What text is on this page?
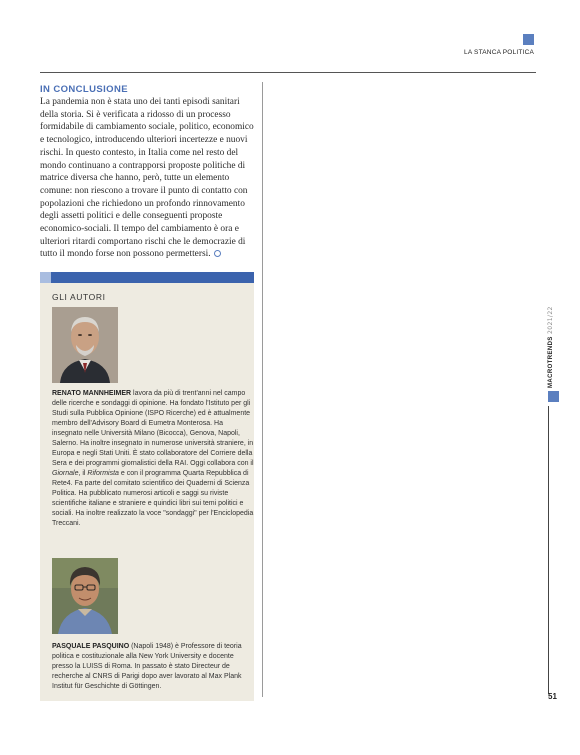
LA STANCA POLITICA
IN CONCLUSIONE

La pandemia non è stata uno dei tanti episodi sanitari della storia. Si è verificata a ridosso di un processo formidabile di cambiamento sociale, politico, economico e tecnologico, introducendo ulteriori incertezze e nuovi rischi. In questo contesto, in Italia come nel resto del mondo continuano a contrapporsi proposte politiche di matrice diversa che hanno, però, tutte un elemento comune: non riescono a trovare il punto di contatto con popolazioni che richiedono un profondo rinnovamento degli assetti politici e delle conseguenti proposte economico-sociali. Il tempo del cambiamento è ora e ulteriori ritardi comportano rischi che le democrazie di tutto il mondo forse non possono permettersi.

GLI AUTORI

RENATO MANNHEIMER lavora da più di trent'anni nel campo delle ricerche e sondaggi di opinione. Ha fondato l'Istituto per gli Studi sulla Pubblica Opinione (ISPO Ricerche) ed è attualmente membro dell'Advisory Board di Eumetra Monterosa. Ha insegnato nelle Università Milano (Bicocca), Genova, Napoli, Salerno. Ha inoltre insegnato in numerose università straniere, in Europa e negli Stati Uniti. È stato collaboratore del Corriere della Sera e dei programmi giornalistici della RAI. Oggi collabora con il Giornale, il Riformista e con il programma Quarta Repubblica di Rete4. Fa parte del comitato scientifico dei Quaderni di Scienza Politica. Ha pubblicato numerosi articoli e saggi su riviste scientifiche italiane e straniere e quindici libri sui temi politici e sociali. Ha inoltre realizzato la voce "sondaggi" per l'Enciclopedia Treccani.

PASQUALE PASQUINO (Napoli 1948) è Professore di teoria politica e costituzionale alla New York University e docente presso la LUISS di Roma. In passato è stato Directeur de recherche al CNRS di Parigi dopo aver lavorato al Max Plank Institut für Geschichte di Göttingen.

MACROTRENDS 2021/22
51
